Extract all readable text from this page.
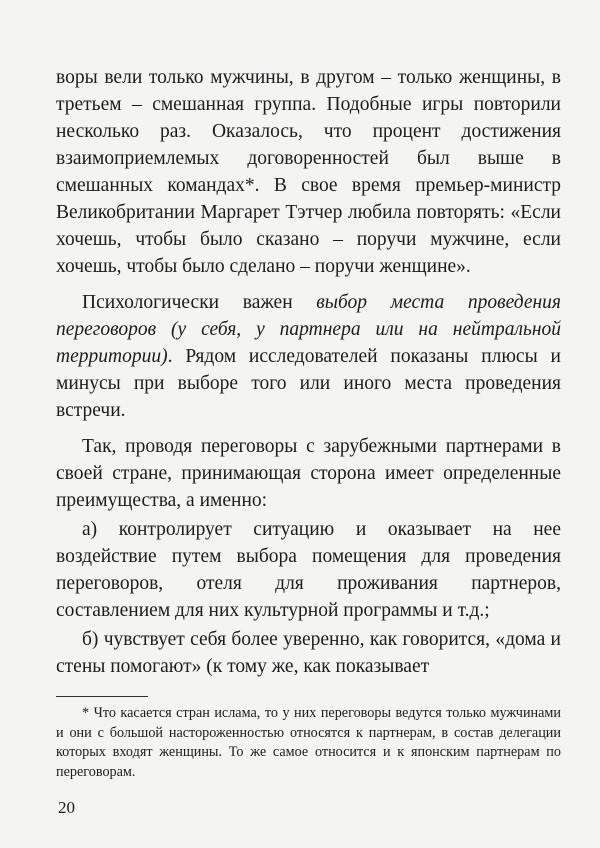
воры вели только мужчины, в другом – только женщины, в третьем – смешанная группа. Подобные игры повторили несколько раз. Оказалось, что процент достижения взаимоприемлемых договоренностей был выше в смешанных командах*. В свое время премьер-министр Великобритании Маргарет Тэтчер любила повторять: «Если хочешь, чтобы было сказано – поручи мужчине, если хочешь, чтобы было сделано – поручи женщине».

Психологически важен выбор места проведения переговоров (у себя, у партнера или на нейтральной территории). Рядом исследователей показаны плюсы и минусы при выборе того или иного места проведения встречи.

Так, проводя переговоры с зарубежными партнерами в своей стране, принимающая сторона имеет определенные преимущества, а именно:

а) контролирует ситуацию и оказывает на нее воздействие путем выбора помещения для проведения переговоров, отеля для проживания партнеров, составлением для них культурной программы и т.д.;

б) чувствует себя более уверенно, как говорится, «дома и стены помогают» (к тому же, как показывает

* Что касается стран ислама, то у них переговоры ведутся только мужчинами и они с большой настороженностью относятся к партнерам, в состав делегации которых входят женщины. То же самое относится и к японским партнерам по переговорам.
20
